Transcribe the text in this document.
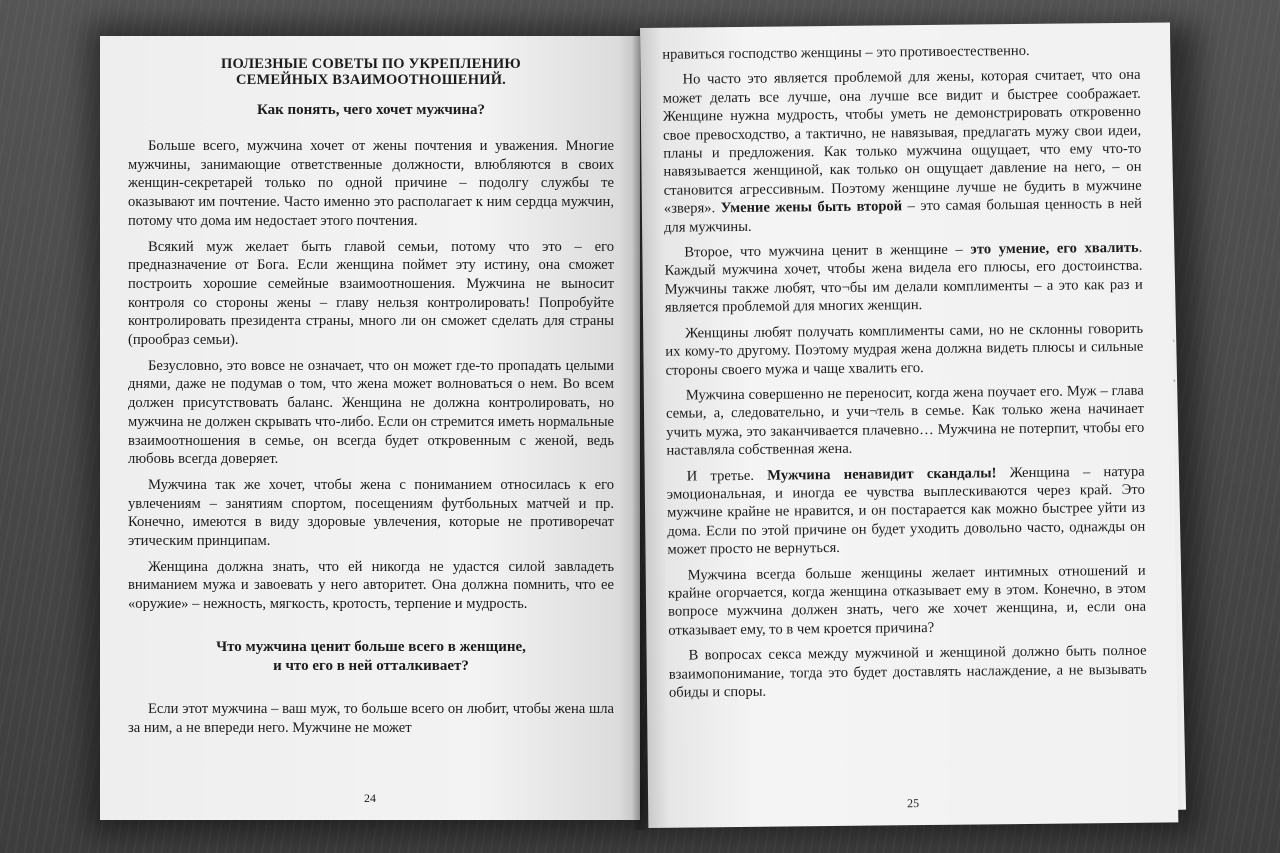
ПОЛЕЗНЫЕ СОВЕТЫ ПО УКРЕПЛЕНИЮ

СЕМЕЙНЫХ ВЗАИМООТНОШЕНИЙ.

Как понять, чего хочет мужчина?

Больше всего, мужчина хочет от жены почтения и уважения. Многие мужчины, занимающие ответственные должности, влюбляются в своих женщин-секретарей только по одной причине – подолгу службы те оказывают им почтение. Часто именно это располагает к ним сердца мужчин, потому что дома им недостает этого почтения.

Всякий муж желает быть главой семьи, потому что это – его предназначение от Бога. Если женщина поймет эту истину, она сможет построить хорошие семейные взаимоотношения. Мужчина не выносит контроля со стороны жены – главу нельзя контролировать! Попробуйте контролировать президента страны, много ли он сможет сделать для страны (прообраз семьи).

Безусловно, это вовсе не означает, что он может где-то пропадать целыми днями, даже не подумав о том, что жена может волноваться о нем. Во всем должен присутствовать баланс. Женщина не должна контролировать, но мужчина не должен скрывать что-либо. Если он стремится иметь нормальные взаимоотношения в семье, он всегда будет откровенным с женой, ведь любовь всегда доверяет.

Мужчина так же хочет, чтобы жена с пониманием относилась к его увлечениям – занятиям спортом, посещениям футбольных матчей и пр. Конечно, имеются в виду здоровые увлечения, которые не противоречат этическим принципам.

Женщина должна знать, что ей никогда не удастся силой завладеть вниманием мужа и завоевать у него авторитет. Она должна помнить, что ее «оружие» – нежность, мягкость, кротость, терпение и мудрость.

Что мужчина ценит больше всего в женщине,

и что его в ней отталкивает?

Если этот мужчина – ваш муж, то больше всего он любит, чтобы жена шла за ним, а не впереди него. Мужчине не может

24

нравиться господство женщины – это противоестественно.

Но часто это является проблемой для жены, которая считает, что она может делать все лучше, она лучше все видит и быстрее соображает. Женщине нужна мудрость, чтобы уметь не демонстрировать откровенно свое превосходство, а тактично, не навязывая, предлагать мужу свои идеи, планы и предложения. Как только мужчина ощущает, что ему что-то навязывается женщиной, как только он ощущает давление на него, – он становится агрессивным. Поэтому женщине лучше не будить в мужчине «зверя». Умение жены быть второй – это самая большая ценность в ней для мужчины.

Второе, что мужчина ценит в женщине – это умение, его хвалить. Каждый мужчина хочет, чтобы жена видела его плюсы, его достоинства. Мужчины также любят, что¬бы им делали комплименты – а это как раз и является проблемой для многих женщин.

Женщины любят получать комплименты сами, но не склонны говорить их кому-то другому. Поэтому мудрая жена должна видеть плюсы и сильные стороны своего мужа и чаще хвалить его.

Мужчина совершенно не переносит, когда жена поучает его. Муж – глава семьи, а, следовательно, и учи¬тель в семье. Как только жена начинает учить мужа, это заканчивается плачевно… Мужчина не потерпит, чтобы его наставляла собственная жена.

И третье. Мужчина ненавидит скандалы! Женщина – натура эмоциональная, и иногда ее чувства выплескиваются через край. Это мужчине крайне не нравится, и он постарается как можно быстрее уйти из дома. Если по этой причине он будет уходить довольно часто, однажды он может просто не вернуться.

Мужчина всегда больше женщины желает интимных отношений и крайне огорчается, когда женщина отказывает ему в этом. Конечно, в этом вопросе мужчина должен знать, чего же хочет женщина, и, если она отказывает ему, то в чем кроется причина?

В вопросах секса между мужчиной и женщиной должно быть полное взаимопонимание, тогда это будет доставлять наслаждение, а не вызывать обиды и споры.

25
